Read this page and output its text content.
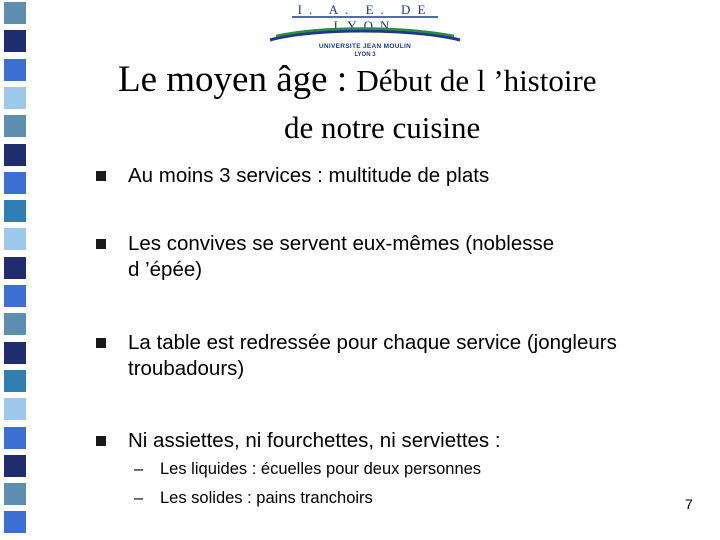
I. A. E. DE LYON
UNIVERSITE JEAN MOULIN
LYON 3
Le moyen âge : Début de l ’histoire
de notre cuisine
Au moins 3 services : multitude de plats
Les convives se servent eux-mêmes (noblesse
d ’épée)
La table est redressée pour chaque service (jongleurs
troubadours)
Ni assiettes, ni fourchettes, ni serviettes :
– Les liquides : écuelles pour deux personnes
– Les solides : pains tranchoirs	7
